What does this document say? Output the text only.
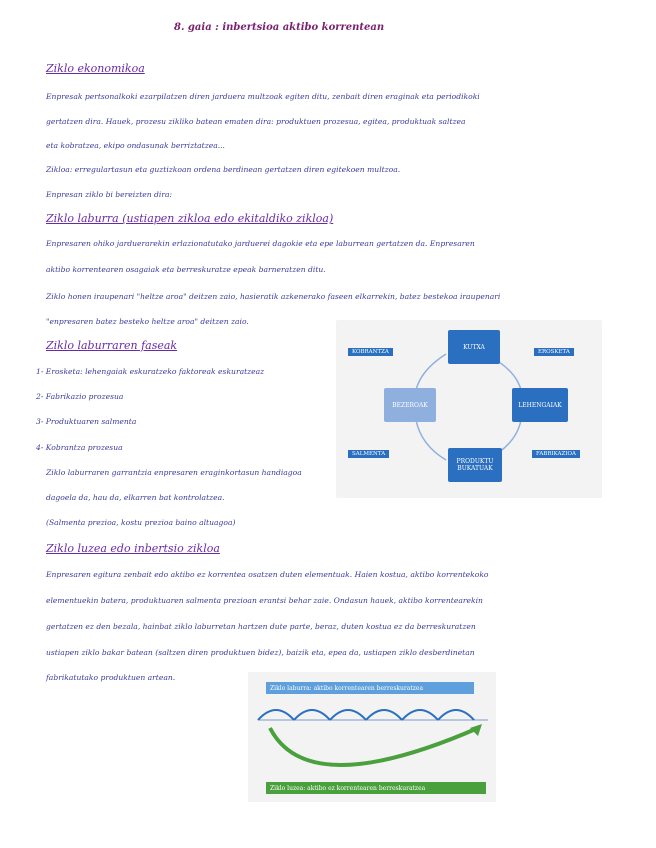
8. gaia : inbertsioa aktibo korrentean
Ziklo ekonomikoa
Enpresak pertsonalkoki ezarpilatzen diren jarduera multzoak egiten ditu, zenbait diren eraginak eta periodikoki
gertatzen dira. Hauek, prozesu zikliko batean ematen dira: produktuen prozesua, egitea, produktuak saltzea
eta kobratzea, ekipo ondasunak berriztatzea...
Zikloa: erregulartasun eta guztizkoan ordena berdinean gertatzen diren egitekoen multzoa.
Enpresan ziklo bi bereizten dira:
Ziklo laburra (ustiapen zikloa edo ekitaldiko zikloa)
Enpresaren ohiko jarduerarekin erlazionatutako jarduerei dagokie eta epe laburrean gertatzen da. Enpresaren
aktibo korrentearen osagaiak eta berreskuratze epeak barneratzen ditu.
Ziklo honen iraupenari "heltze aroa" deitzen zaio, hasieratik azkenerako faseen elkarrekin, batez bestekoa iraupenari
"enpresaren batez besteko heltze aroa" deitzen zaio.
Ziklo laburraren faseak
1- Erosketa: lehengaiak eskuratzeko faktoreak eskuratzeaz
2- Fabrikazio prozesua
3- Produktuaren salmenta
4- Kobrantza prozesua
Ziklo laburraren garrantzia enpresaren eraginkortasun handiagoa
dagoela da, hau da, elkarren bat kontrolatzea.
(Salmenta prezioa, kostu prezioa baino altuagoa)
KUTXA
LEHENGAIAK
PRODUKTU BUKATUAK
BEZEROAK
EROSKETA
FABRIKAZIOA
SALMENTA
KOBRANTZA
Ziklo luzea edo inbertsio zikloa
Enpresaren egitura zenbait edo aktibo ez korrentea osatzen duten elementuak. Haien kostua, aktibo korrentekoko
elementuekin batera, produktuaren salmenta prezioan erantsi behar zaie. Ondasun hauek, aktibo korrentearekin
gertatzen ez den bezala, hainbat ziklo laburretan hartzen dute parte, beraz, duten kostua ez da berreskuratzen
ustiapen ziklo bakar batean (saltzen diren produktuen bidez), baizik eta, epea da, ustiapen ziklo desberdinetan
fabrikatutako produktuen artean.
Ziklo laburra: aktibo korrentearen berreskuratzea
Ziklo luzea: aktibo ez korrentearen berreskuratzea
